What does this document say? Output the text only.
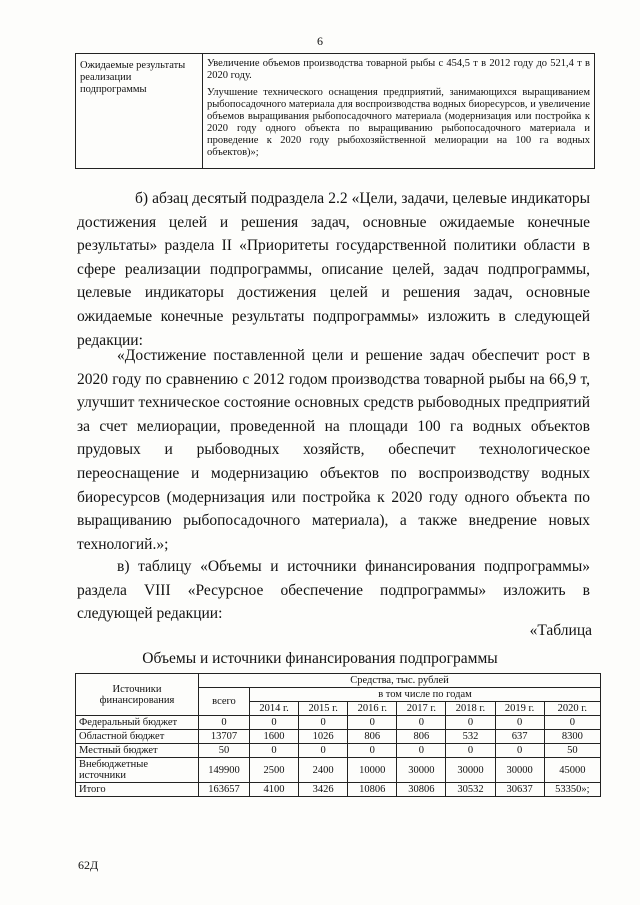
6
Ожидаемые результаты реализации подпрограммы	

Увеличение объемов производства товарной рыбы с 454,5 т в 2012 году до 521,4 т в 2020 году.

Улучшение технического оснащения предприятий, занимающихся выращиванием рыбопосадочного материала для воспроизводства водных биоресурсов, и увеличение объемов выращивания рыбопосадочного материала (модернизация или постройка к 2020 году одного объекта по выращиванию рыбопосадочного материала и проведение к 2020 году рыбохозяйственной мелиорации на 100 га водных объектов)»;

б) абзац десятый подраздела 2.2 «Цели, задачи, целевые индикаторы достижения целей и решения задач, основные ожидаемые конечные результаты» раздела II «Приоритеты государственной политики области в сфере реализации подпрограммы, описание целей, задач подпрограммы, целевые индикаторы достижения целей и решения задач, основные ожидаемые конечные результаты подпрограммы» изложить в следующей редакции:

«Достижение поставленной цели и решение задач обеспечит рост в 2020 году по сравнению с 2012 годом производства товарной рыбы на 66,9 т, улучшит техническое состояние основных средств рыбоводных предприятий за счет мелиорации, проведенной на площади 100 га водных объектов прудовых и рыбоводных хозяйств, обеспечит технологическое переоснащение и модернизацию объектов по воспроизводству водных биоресурсов (модернизация или постройка к 2020 году одного объекта по выращиванию рыбопосадочного материала), а также внедрение новых технологий.»;

в) таблицу «Объемы и источники финансирования подпрограммы» раздела VIII «Ресурсное обеспечение подпрограммы» изложить в следующей редакции:

«Таблица
Объемы и источники финансирования подпрограммы
Источники финансирования	Средства, тыс. рублей							
	всего	в том числе по годам						
		2014 г.	2015 г.	2016 г.	2017 г.	2018 г.	2019 г.	2020 г.
Федеральный бюджет	0	0	0	0	0	0	0	0
Областной бюджет	13707	1600	1026	806	806	532	637	8300
Местный бюджет	50	0	0	0	0	0	0	50
Внебюджетные источники	149900	2500	2400	10000	30000	30000	30000	45000
Итого	163657	4100	3426	10806	30806	30532	30637	53350»;
62Д
